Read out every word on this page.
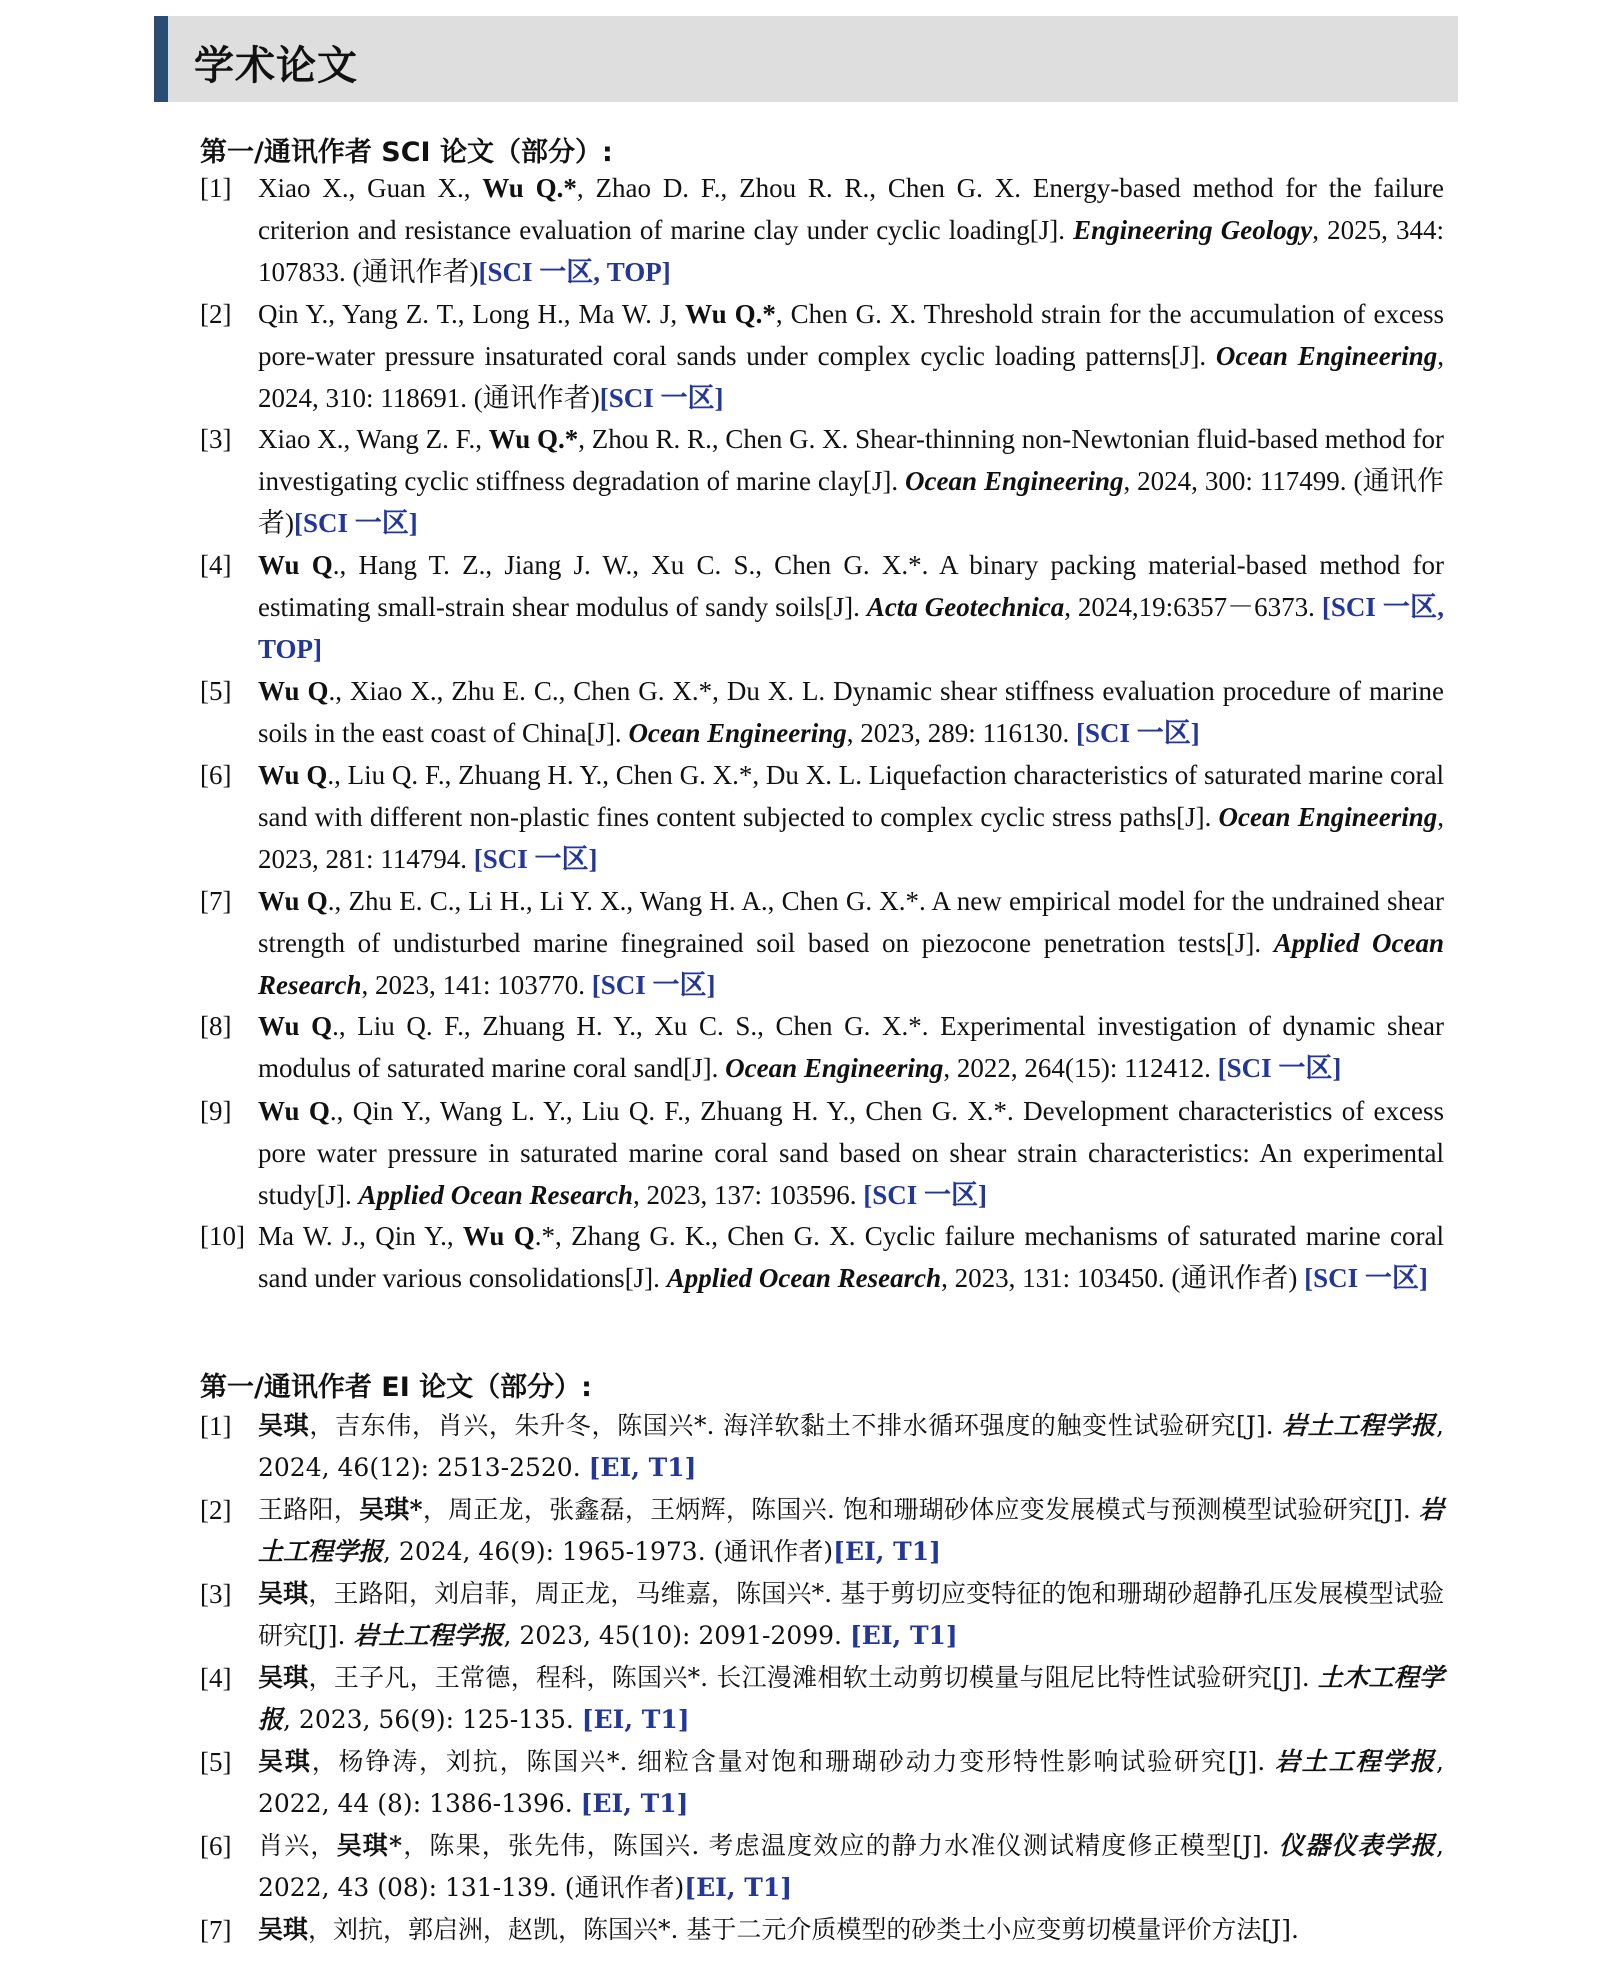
学术论文
第一/通讯作者 SCI 论文（部分）:
[1] Xiao X., Guan X., Wu Q.*, Zhao D. F., Zhou R. R., Chen G. X. Energy-based method for the failure criterion and resistance evaluation of marine clay under cyclic loading[J]. Engineering Geology, 2025, 344: 107833. (通讯作者)[SCI 一区, TOP]
[2] Qin Y., Yang Z. T., Long H., Ma W. J, Wu Q.*, Chen G. X. Threshold strain for the accumulation of excess pore-water pressure insaturated coral sands under complex cyclic loading patterns[J]. Ocean Engineering, 2024, 310: 118691. (通讯作者)[SCI 一区]
[3] Xiao X., Wang Z. F., Wu Q.*, Zhou R. R., Chen G. X. Shear-thinning non-Newtonian fluid-based method for investigating cyclic stiffness degradation of marine clay[J]. Ocean Engineering, 2024, 300: 117499. (通讯作者)[SCI 一区]
[4] Wu Q., Hang T. Z., Jiang J. W., Xu C. S., Chen G. X.*. A binary packing material-based method for estimating small-strain shear modulus of sandy soils[J]. Acta Geotechnica, 2024,19:6357－6373. [SCI 一区, TOP]
[5] Wu Q., Xiao X., Zhu E. C., Chen G. X.*, Du X. L. Dynamic shear stiffness evaluation procedure of marine soils in the east coast of China[J]. Ocean Engineering, 2023, 289: 116130. [SCI 一区]
[6] Wu Q., Liu Q. F., Zhuang H. Y., Chen G. X.*, Du X. L. Liquefaction characteristics of saturated marine coral sand with different non-plastic fines content subjected to complex cyclic stress paths[J]. Ocean Engineering, 2023, 281: 114794. [SCI 一区]
[7] Wu Q., Zhu E. C., Li H., Li Y. X., Wang H. A., Chen G. X.*. A new empirical model for the undrained shear strength of undisturbed marine finegrained soil based on piezocone penetration tests[J]. Applied Ocean Research, 2023, 141: 103770. [SCI 一区]
[8] Wu Q., Liu Q. F., Zhuang H. Y., Xu C. S., Chen G. X.*. Experimental investigation of dynamic shear modulus of saturated marine coral sand[J]. Ocean Engineering, 2022, 264(15): 112412. [SCI 一区]
[9] Wu Q., Qin Y., Wang L. Y., Liu Q. F., Zhuang H. Y., Chen G. X.*. Development characteristics of excess pore water pressure in saturated marine coral sand based on shear strain characteristics: An experimental study[J]. Applied Ocean Research, 2023, 137: 103596. [SCI 一区]
[10] Ma W. J., Qin Y., Wu Q.*, Zhang G. K., Chen G. X. Cyclic failure mechanisms of saturated marine coral sand under various consolidations[J]. Applied Ocean Research, 2023, 131: 103450. (通讯作者) [SCI 一区]
第一/通讯作者 EI 论文（部分）:
[1]	吴琪，吉东伟，肖兴，朱升冬，陈国兴*. 海洋软黏土不排水循环强度的触变性试验研究[J]. 岩土工程学报, 2024, 46(12): 2513-2520. [EI, T1]
[2]	王路阳，吴琪*，周正龙，张鑫磊，王炳辉，陈国兴. 饱和珊瑚砂体应变发展模式与预测模型试验研究[J]. 岩土工程学报, 2024, 46(9): 1965-1973. (通讯作者)[EI, T1]
[3]	吴琪，王路阳，刘启菲，周正龙，马维嘉，陈国兴*. 基于剪切应变特征的饱和珊瑚砂超静孔压发展模型试验研究[J]. 岩土工程学报, 2023, 45(10): 2091-2099. [EI, T1]
[4]	吴琪，王子凡，王常德，程科，陈国兴*. 长江漫滩相软土动剪切模量与阻尼比特性试验研究[J]. 土木工程学报, 2023, 56(9): 125-135. [EI, T1]
[5]	吴琪，杨铮涛，刘抗，陈国兴*. 细粒含量对饱和珊瑚砂动力变形特性影响试验研究[J]. 岩土工程学报, 2022, 44 (8): 1386-1396. [EI, T1]
[6]	肖兴，吴琪*，陈果，张先伟，陈国兴. 考虑温度效应的静力水准仪测试精度修正模型[J]. 仪器仪表学报, 2022, 43 (08): 131-139. (通讯作者)[EI, T1]
[7]	吴琪，刘抗，郭启洲，赵凯，陈国兴*. 基于二元介质模型的砂类土小应变剪切模量评价方法[J].
